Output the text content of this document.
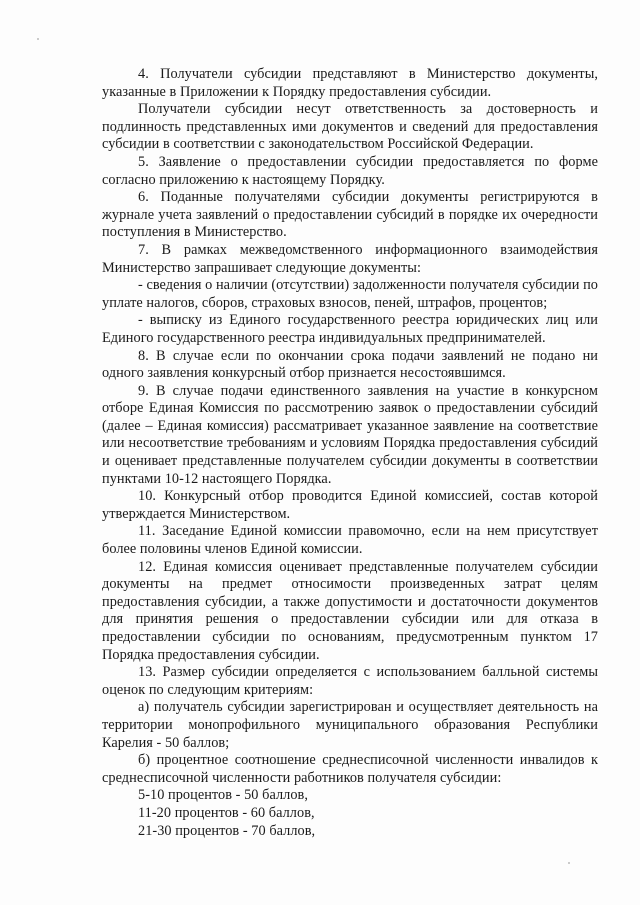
4. Получатели субсидии представляют в Министерство документы, указанные в Приложении к Порядку предоставления субсидии.

Получатели субсидии несут ответственность за достоверность и подлинность представленных ими документов и сведений для предоставления субсидии в соответствии с законодательством Российской Федерации.

5. Заявление о предоставлении субсидии предоставляется по форме согласно приложению к настоящему Порядку.

6. Поданные получателями субсидии документы регистрируются в журнале учета заявлений о предоставлении субсидий в порядке их очередности поступления в Министерство.

7. В рамках межведомственного информационного взаимодействия Министерство запрашивает следующие документы:

- сведения о наличии (отсутствии) задолженности получателя субсидии по уплате налогов, сборов, страховых взносов, пеней, штрафов, процентов;

- выписку из Единого государственного реестра юридических лиц или Единого государственного реестра индивидуальных предпринимателей.

8. В случае если по окончании срока подачи заявлений не подано ни одного заявления конкурсный отбор признается несостоявшимся.

9. В случае подачи единственного заявления на участие в конкурсном отборе Единая Комиссия по рассмотрению заявок о предоставлении субсидий (далее – Единая комиссия) рассматривает указанное заявление на соответствие или несоответствие требованиям и условиям Порядка предоставления субсидий и оценивает представленные получателем субсидии документы в соответствии пунктами 10-12 настоящего Порядка.

10. Конкурсный отбор проводится Единой комиссией, состав которой утверждается Министерством.

11. Заседание Единой комиссии правомочно, если на нем присутствует более половины членов Единой комиссии.

12. Единая комиссия оценивает представленные получателем субсидии документы на предмет относимости произведенных затрат целям предоставления субсидии, а также допустимости и достаточности документов для принятия решения о предоставлении субсидии или для отказа в предоставлении субсидии по основаниям, предусмотренным пунктом 17 Порядка предоставления субсидии.

13. Размер субсидии определяется с использованием балльной системы оценок по следующим критериям:

а) получатель субсидии зарегистрирован и осуществляет деятельность на территории монопрофильного муниципального образования Республики Карелия - 50 баллов;

б) процентное соотношение среднесписочной численности инвалидов к среднесписочной численности работников получателя субсидии:

5-10 процентов - 50 баллов,

11-20 процентов - 60 баллов,

21-30 процентов - 70 баллов,
